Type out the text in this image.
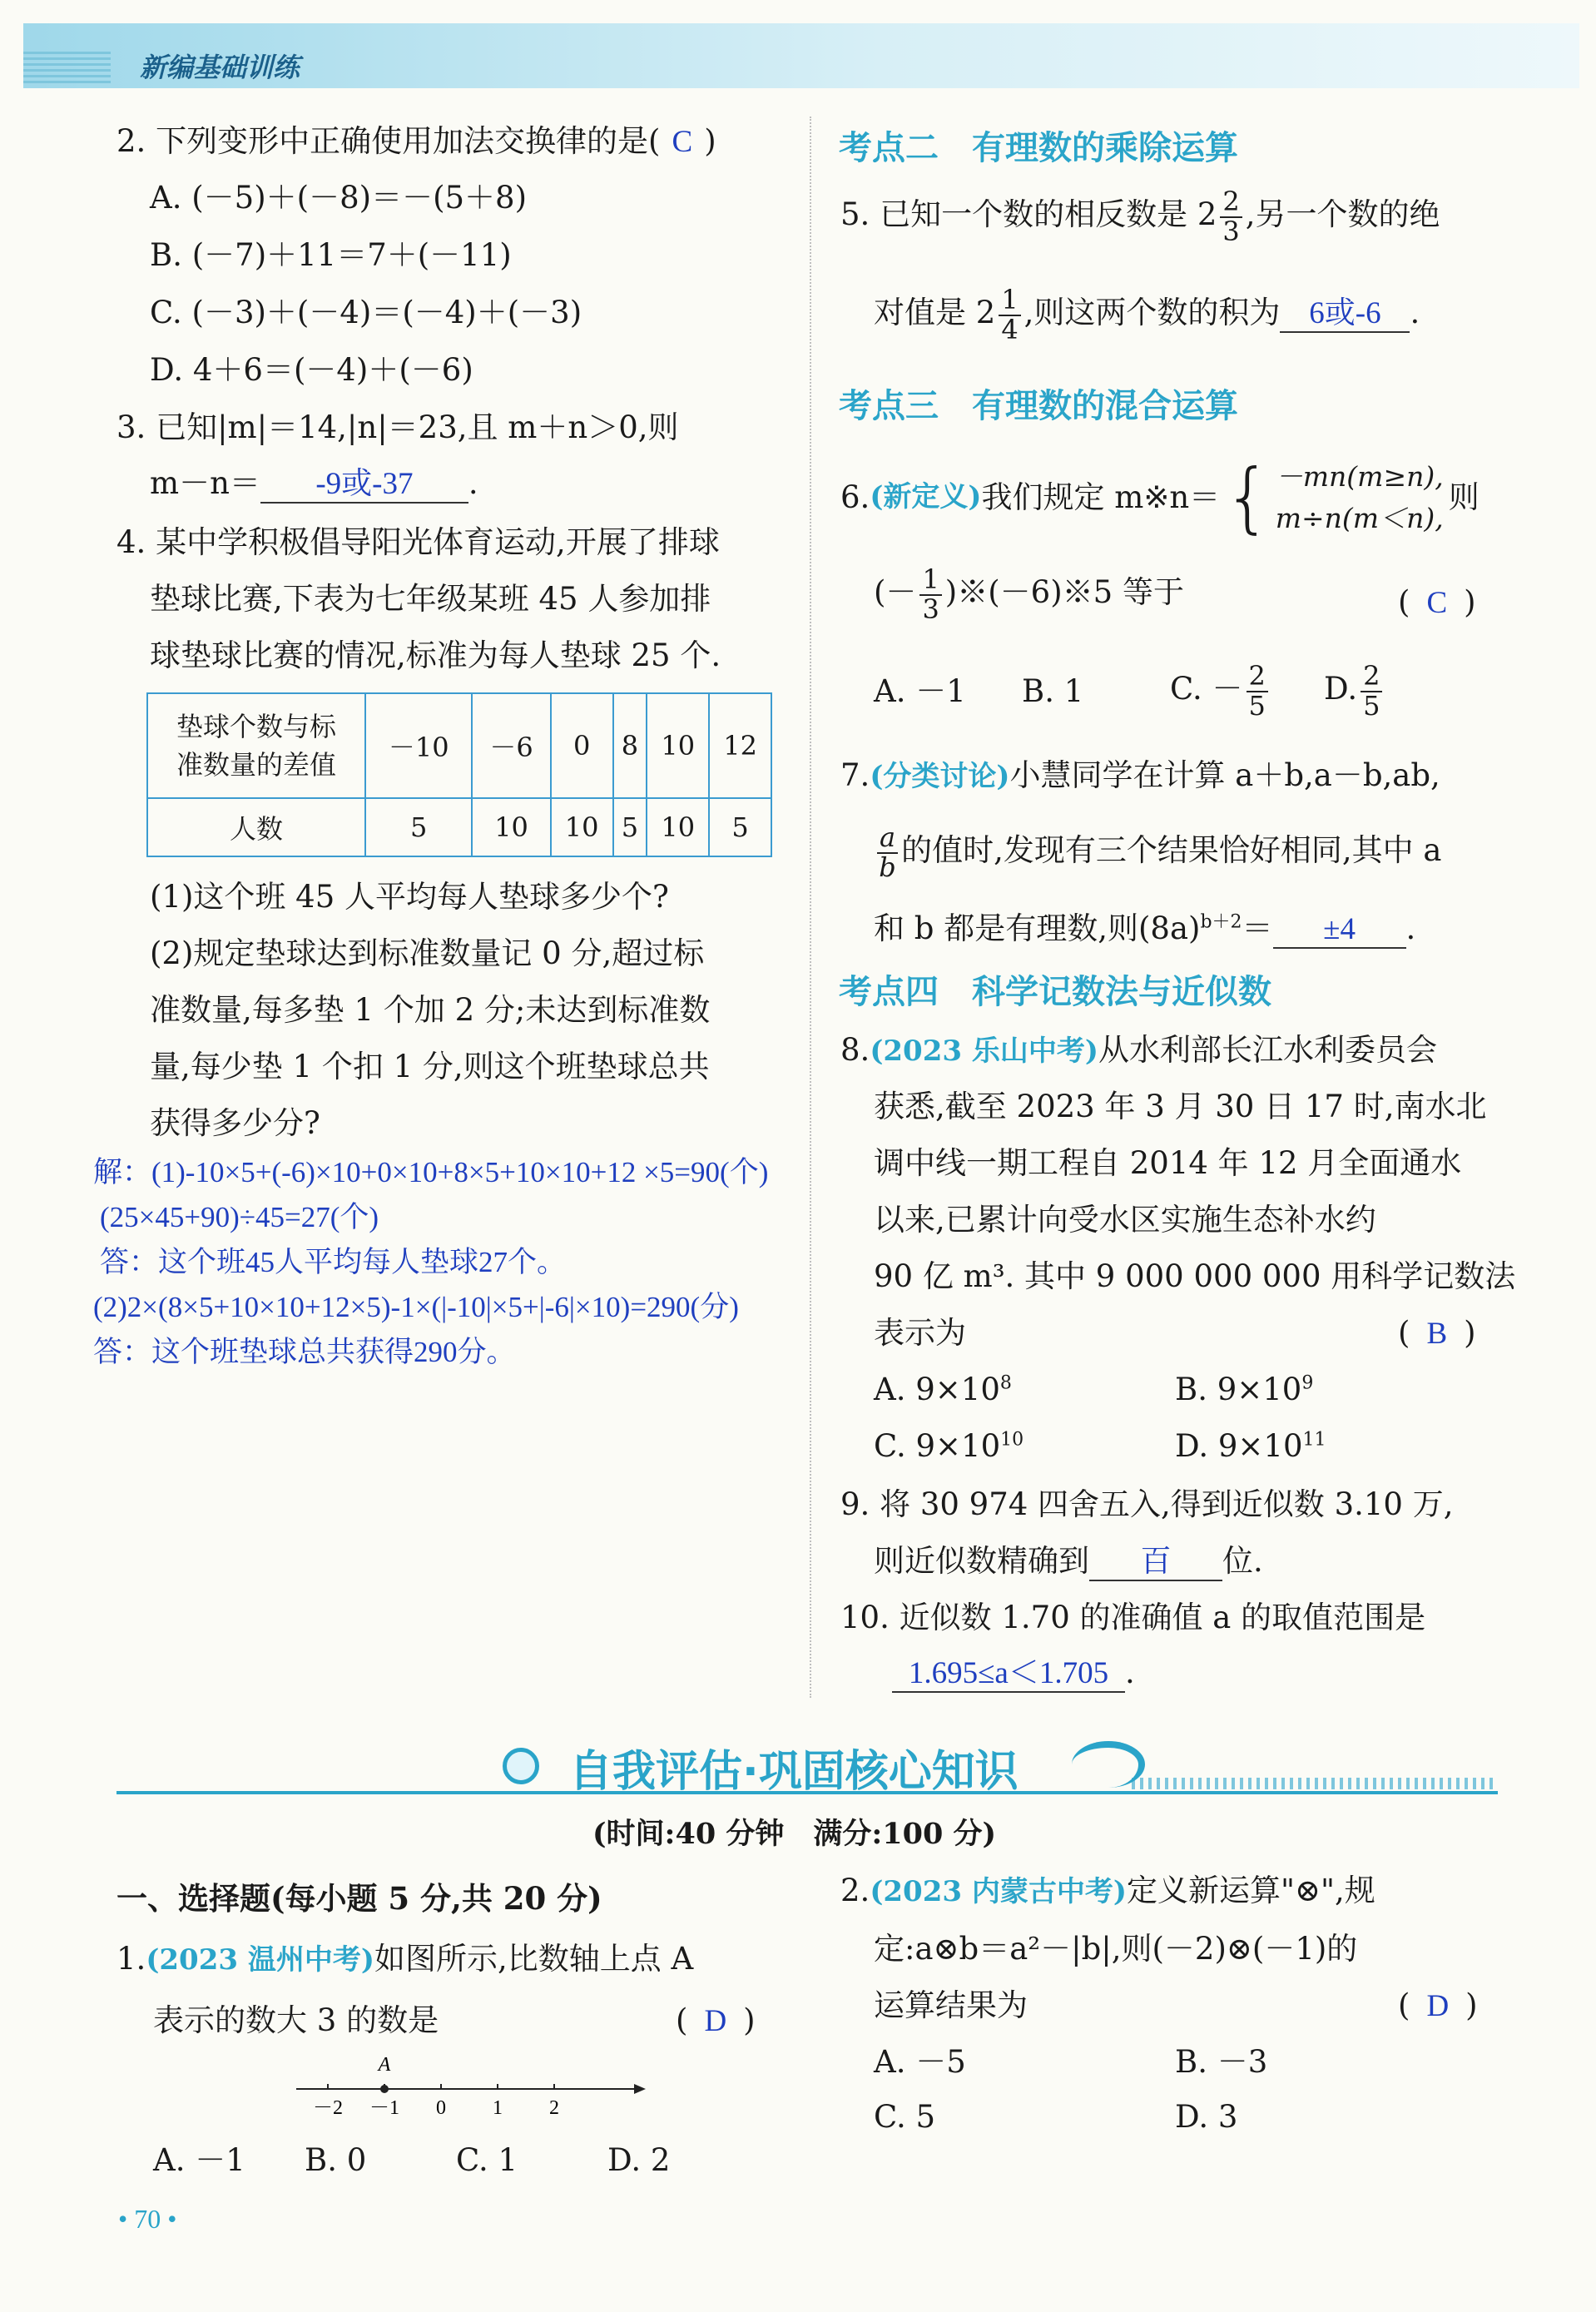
新编基础训练
2. 下列变形中正确使用加法交换律的是( C )
A. (－5)＋(－8)＝－(5＋8)
B. (－7)＋11＝7＋(－11)
C. (－3)＋(－4)＝(－4)＋(－3)
D. 4＋6＝(－4)＋(－6)
3. 已知|m|＝14,|n|＝23,且 m＋n＞0,则
m－n＝ -9或-37 .
4. 某中学积极倡导阳光体育运动,开展了排球
垫球比赛,下表为七年级某班 45 人参加排
球垫球比赛的情况,标准为每人垫球 25 个.
垫球个数与标
准数量的差值	－10	－6	0	8	10	12
人数	5	10	10	5	10	5
(1)这个班 45 人平均每人垫球多少个?
(2)规定垫球达到标准数量记 0 分,超过标
准数量,每多垫 1 个加 2 分;未达到标准数
量,每少垫 1 个扣 1 分,则这个班垫球总共
获得多少分?
解：(1)-10×5+(-6)×10+0×10+8×5+10×10+12 ×5=90(个)
(25×45+90)÷45=27(个)
答：这个班45人平均每人垫球27个。
(2)2×(8×5+10×10+12×5)-1×(|-10|×5+|-6|×10)=290(分)
答：这个班垫球总共获得290分。
考点二　有理数的乘除运算
5. 已知一个数的相反数是 $2 \frac{2}{3}$ ,另一个数的绝
对值是 $2 \frac{1}{4}$ ,则这两个数的积为 6或-6 .
考点三　有理数的混合运算
6. (新定义) 我们规定 m※n＝ { －mn(m≥n),
m÷n(m＜n),
则
(－ $\frac{1}{3}$ )※(－6)※5 等于	( C )
A. －1	B. 1	C. － $\frac{2}{5} D$. $\frac{2}{5}$
7.(分类讨论)小慧同学在计算 a＋b,a－b,ab,
$\frac{a}{b}$ 的值时,发现有三个结果恰好相同,其中 a
和 b 都是有理数,则$(8a)^{b+2}= \pm 4$ .
考点四　科学记数法与近似数
8.(2023 乐山中考)从水利部长江水利委员会
获悉,截至 2023 年 3 月 30 日 17 时,南水北
调中线一期工程自 2014 年 12 月全面通水
以来,已累计向受水区实施生态补水约
90 亿 m³. 其中 9 000 000 000 用科学记数法
表示为	( B )
A. $9\times 10^8$	B. $9\times 10^9$
C. $9\times 10^{10}$	D. $9\times 10^{11}$
9. 将 30 974 四舍五入,得到近似数 3.10 万,
则近似数精确到 百 位.
10. 近似数 1.70 的准确值 a 的取值范围是
1.695≤a＜1.705 .
自我评估·巩固核心知识
(时间:40 分钟　满分:100 分)
一、选择题(每小题 5 分,共 20 分)
1.(2023 温州中考)如图所示,比数轴上点 A
表示的数大 3 的数是	( D )
－2 －1 0 1 2
A
A. －1 B. 0	C. 1	D. 2
2.(2023 内蒙古中考)定义新运算"⊗",规
定:a⊗b＝a²－|b|,则(－2)⊗(－1)的
运算结果为	( D )
A. －5	B. －3
C. 5	D. 3
• 70 •
